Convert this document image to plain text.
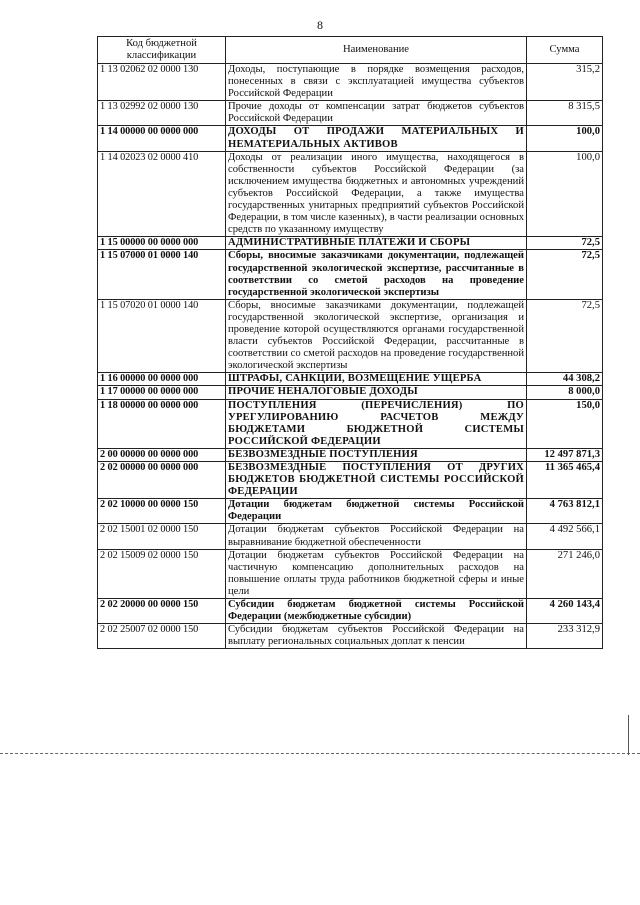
8
Код бюджетной классификации	Наименование	Сумма
1 13 02062 02 0000 130	Доходы, поступающие в порядке возмещения расходов, понесенных в связи с эксплуатацией имущества субъектов Российской Федерации	315,2
1 13 02992 02 0000 130	Прочие доходы от компенсации затрат бюджетов субъектов Российской Федерации	8 315,5
1 14 00000 00 0000 000	ДОХОДЫ ОТ ПРОДАЖИ МАТЕРИАЛЬНЫХ И НЕМАТЕРИАЛЬНЫХ АКТИВОВ	100,0
1 14 02023 02 0000 410	Доходы от реализации иного имущества, находящегося в собственности субъектов Российской Федерации (за исключением имущества бюджетных и автономных учреждений субъектов Российской Федерации, а также имущества государственных унитарных предприятий субъектов Российской Федерации, в том числе казенных), в части реализации основных средств по указанному имуществу	100,0
1 15 00000 00 0000 000	АДМИНИСТРАТИВНЫЕ ПЛАТЕЖИ И СБОРЫ	72,5
1 15 07000 01 0000 140	Сборы, вносимые заказчиками документации, подлежащей государственной экологической экспертизе, рассчитанные в соответствии со сметой расходов на проведение государственной экологической экспертизы	72,5
1 15 07020 01 0000 140	Сборы, вносимые заказчиками документации, подлежащей государственной экологической экспертизе, организация и проведение которой осуществляются органами государственной власти субъектов Российской Федерации, рассчитанные в соответствии со сметой расходов на проведение государственной экологической экспертизы	72,5
1 16 00000 00 0000 000	ШТРАФЫ, САНКЦИИ, ВОЗМЕЩЕНИЕ УЩЕРБА	44 308,2
1 17 00000 00 0000 000	ПРОЧИЕ НЕНАЛОГОВЫЕ ДОХОДЫ	8 000,0
1 18 00000 00 0000 000	ПОСТУПЛЕНИЯ (ПЕРЕЧИСЛЕНИЯ) ПО УРЕГУЛИРОВАНИЮ РАСЧЕТОВ МЕЖДУ БЮДЖЕТАМИ БЮДЖЕТНОЙ СИСТЕМЫ РОССИЙСКОЙ ФЕДЕРАЦИИ	150,0
2 00 00000 00 0000 000	БЕЗВОЗМЕЗДНЫЕ ПОСТУПЛЕНИЯ	12 497 871,3
2 02 00000 00 0000 000	БЕЗВОЗМЕЗДНЫЕ ПОСТУПЛЕНИЯ ОТ ДРУГИХ БЮДЖЕТОВ БЮДЖЕТНОЙ СИСТЕМЫ РОССИЙСКОЙ ФЕДЕРАЦИИ	11 365 465,4
2 02 10000 00 0000 150	Дотации бюджетам бюджетной системы Российской Федерации	4 763 812,1
2 02 15001 02 0000 150	Дотации бюджетам субъектов Российской Федерации на выравнивание бюджетной обеспеченности	4 492 566,1
2 02 15009 02 0000 150	Дотации бюджетам субъектов Российской Федерации на частичную компенсацию дополнительных расходов на повышение оплаты труда работников бюджетной сферы и иные цели	271 246,0
2 02 20000 00 0000 150	Субсидии бюджетам бюджетной системы Российской Федерации (межбюджетные субсидии)	4 260 143,4
2 02 25007 02 0000 150	Субсидии бюджетам субъектов Российской Федерации на выплату региональных социальных доплат к пенсии	233 312,9
